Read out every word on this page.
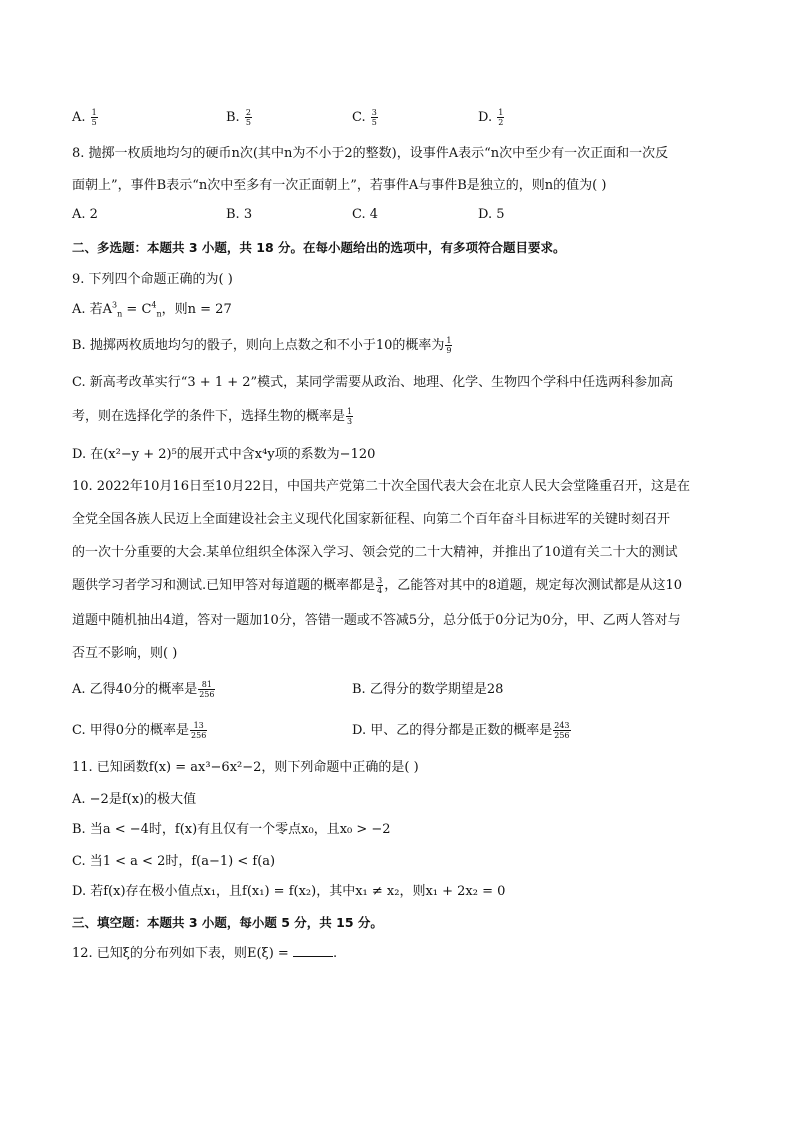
A. $\frac{1}{5}$	B. $\frac{2}{5}$	C. $\frac{3}{5}$	D. $\frac{1}{2}$
8. 抛掷一枚质地均匀的硬币n次(其中n为不小于2的整数)，设事件A表示“n次中至少有一次正面和一次反
面朝上”，事件B表示“n次中至多有一次正面朝上”，若事件A与事件B是独立的，则n的值为( )
A. 2	B. 3	C. 4	D. 5
二、多选题：本题共 3 小题，共 18 分。在每小题给出的选项中，有多项符合题目要求。
9. 下列四个命题正确的为( )
A. 若$A^3_n = C^4_n$，则n = 27
B. 抛掷两枚质地均匀的骰子，则向上点数之和不小于10的概率为 $\frac{1}{9}$
C. 新高考改革实行“3 + 1 + 2”模式，某同学需要从政治、地理、化学、生物四个学科中任选两科参加高
考，则在选择化学的条件下，选择生物的概率是 $\frac{1}{3}$
D. 在(x²−y + 2)⁵的展开式中含x⁴y项的系数为−120
10. 2022年10月16日至10月22日，中国共产党第二十次全国代表大会在北京人民大会堂隆重召开，这是在
全党全国各族人民迈上全面建设社会主义现代化国家新征程、向第二个百年奋斗目标进军的关键时刻召开
的一次十分重要的大会.某单位组织全体深入学习、领会党的二十大精神，并推出了10道有关二十大的测试
题供学习者学习和测试.已知甲答对每道题的概率都是 $\frac{3}{4}$ ，乙能答对其中的8道题，规定每次测试都是从这10
道题中随机抽出4道，答对一题加10分，答错一题或不答减5分，总分低于0分记为0分，甲、乙两人答对与
否互不影响，则( )
A. 乙得40分的概率是 $\frac{81}{256}$	B. 乙得分的数学期望是28
C. 甲得0分的概率是 $\frac{13}{256}$	D. 甲、乙的得分都是正数的概率是 $\frac{243}{256}$
11. 已知函数f(x) = ax³−6x²−2，则下列命题中正确的是( )
A. −2是f(x)的极大值
B. 当a < −4时，f(x)有且仅有一个零点x₀，且x₀ > −2
C. 当1 < a < 2时，f(a−1) < f(a)
D. 若f(x)存在极小值点x₁，且f(x₁) = f(x₂)，其中x₁ ≠ x₂，则x₁ + 2x₂ = 0
三、填空题：本题共 3 小题，每小题 5 分，共 15 分。
12. 已知ξ的分布列如下表，则E(ξ) =	.
